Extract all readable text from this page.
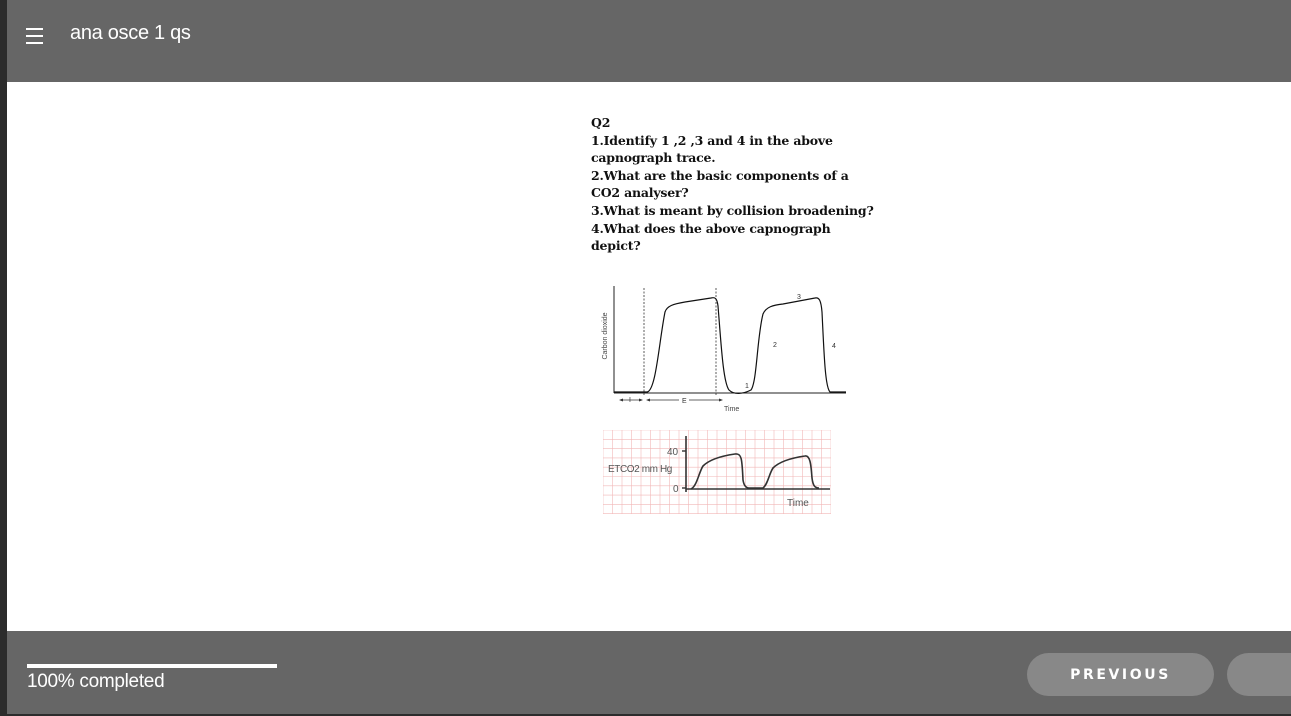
ana osce 1 qs
Q2
1.Identify 1 ,2 ,3 and 4 in the above
capnograph trace.
2.What are the basic components of a
CO2 analyser?
3.What is meant by collision broadening?
4.What does the above capnograph
depict?
Carbon dioxide
3
2	4
1
I	E
Time
40
ETCO2 mm Hg
0
Time
100% completed	PREVIOUS
